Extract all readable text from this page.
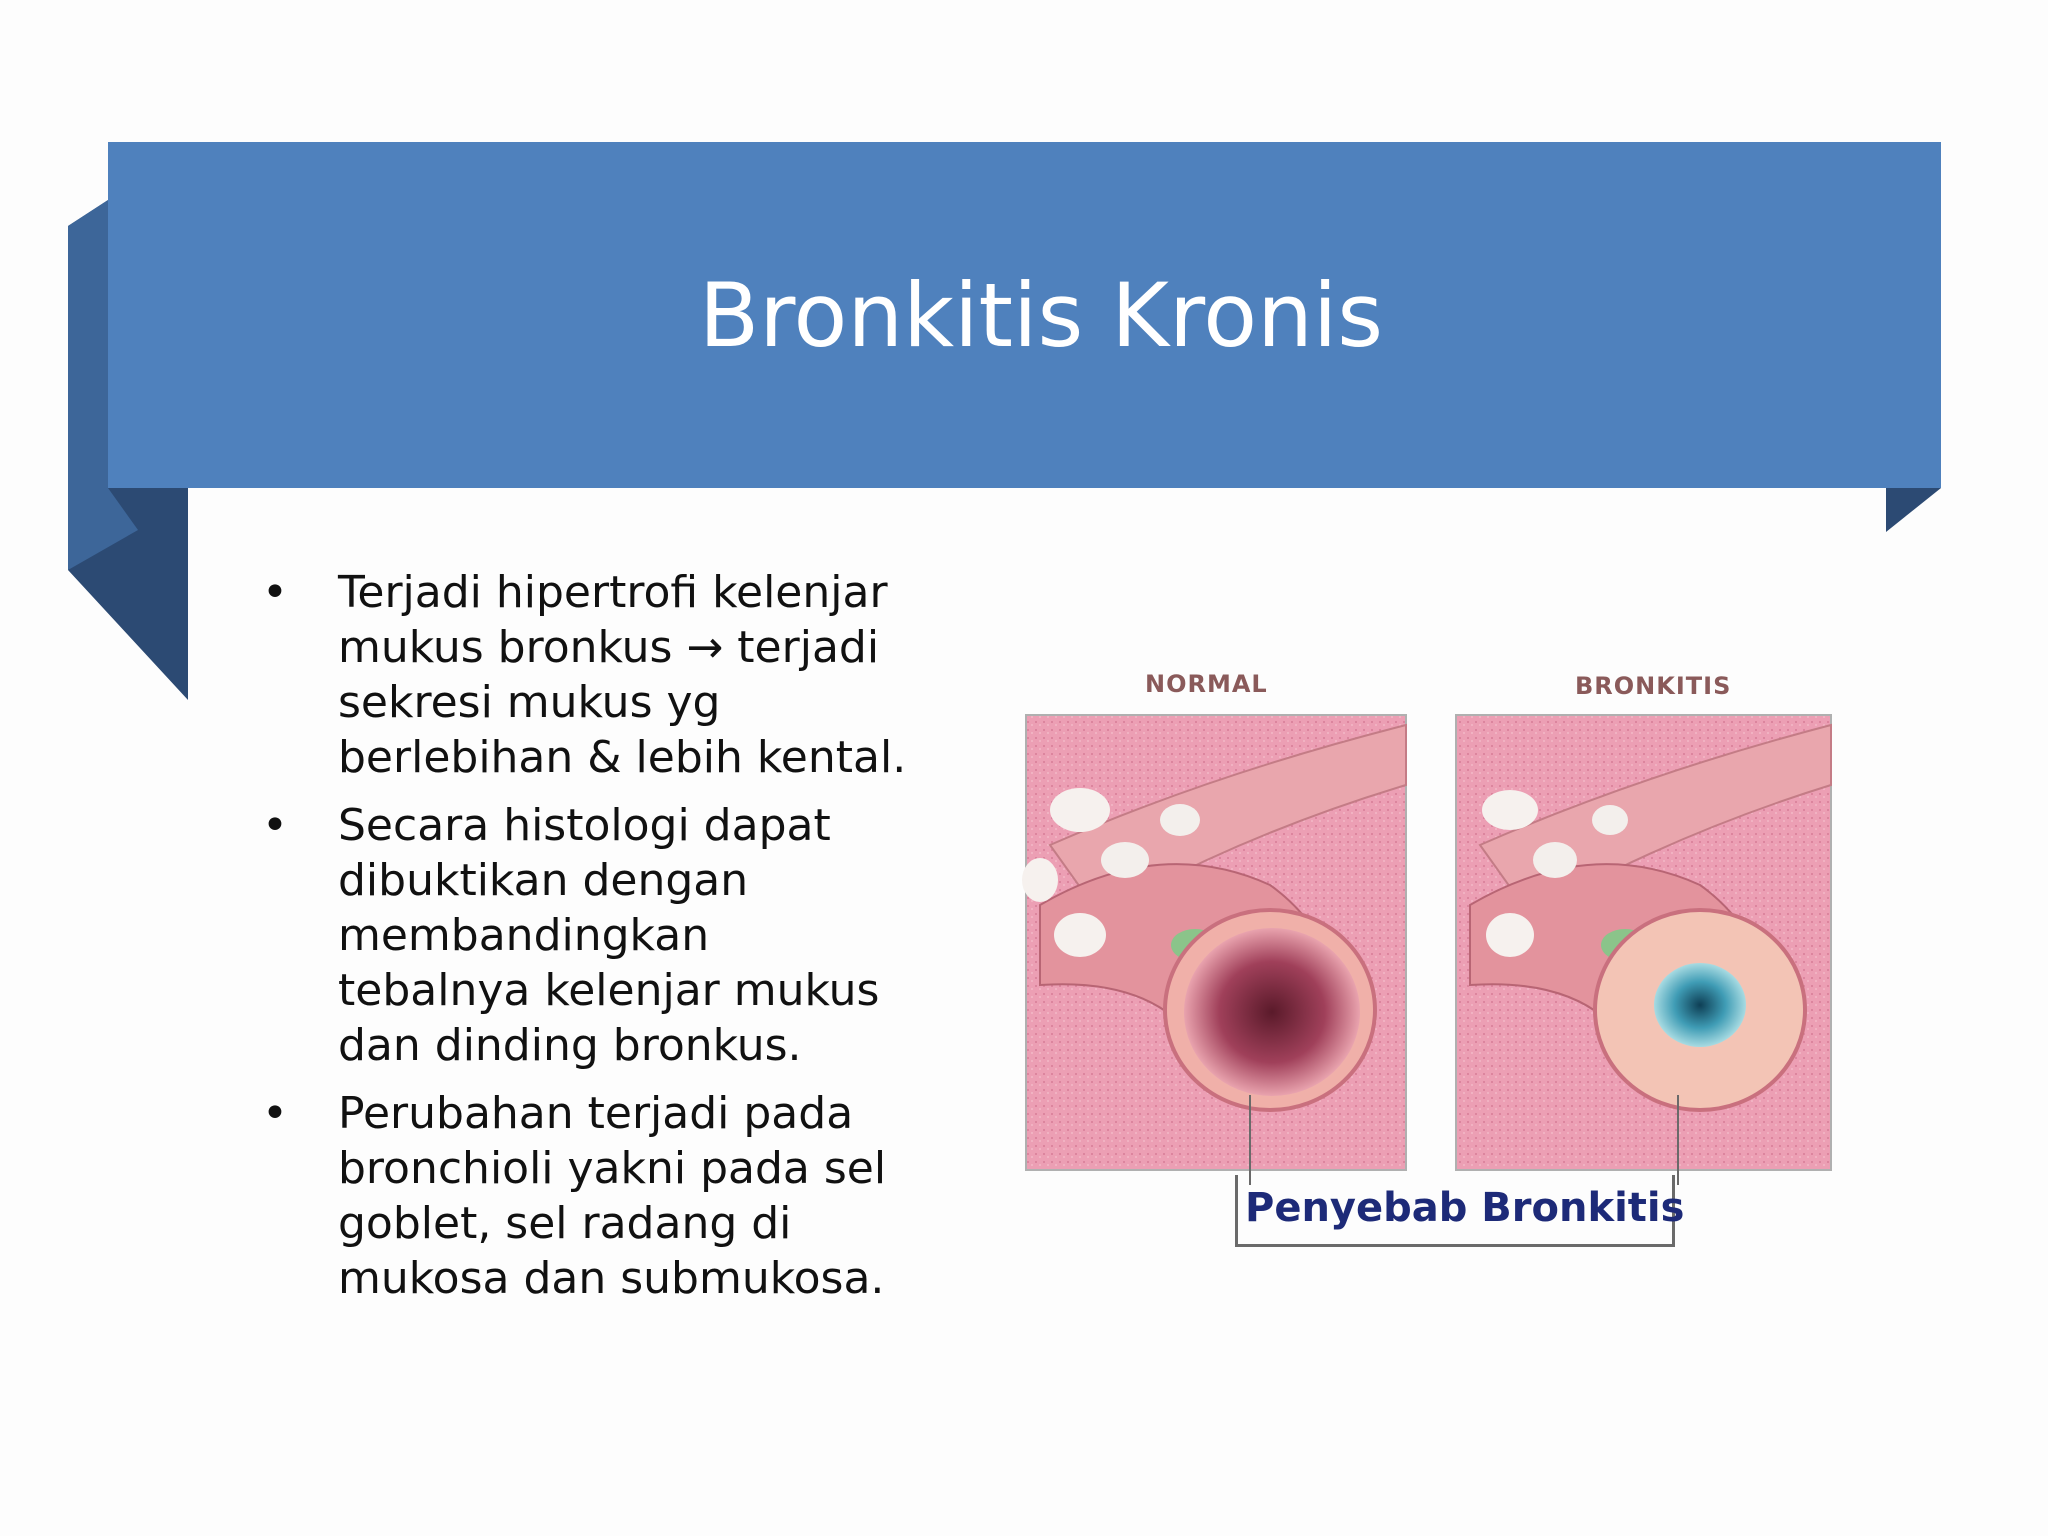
Bronkitis Kronis
• Terjadi hipertrofi kelenjar mukus bronkus → terjadi sekresi mukus yg berlebihan & lebih kental.
• Secara histologi dapat dibuktikan dengan membandingkan tebalnya kelenjar mukus dan dinding bronkus.
• Perubahan terjadi pada bronchioli yakni pada sel goblet, sel radang di mukosa dan submukosa.
NORMAL	BRONKITIS
Penyebab Bronkitis
